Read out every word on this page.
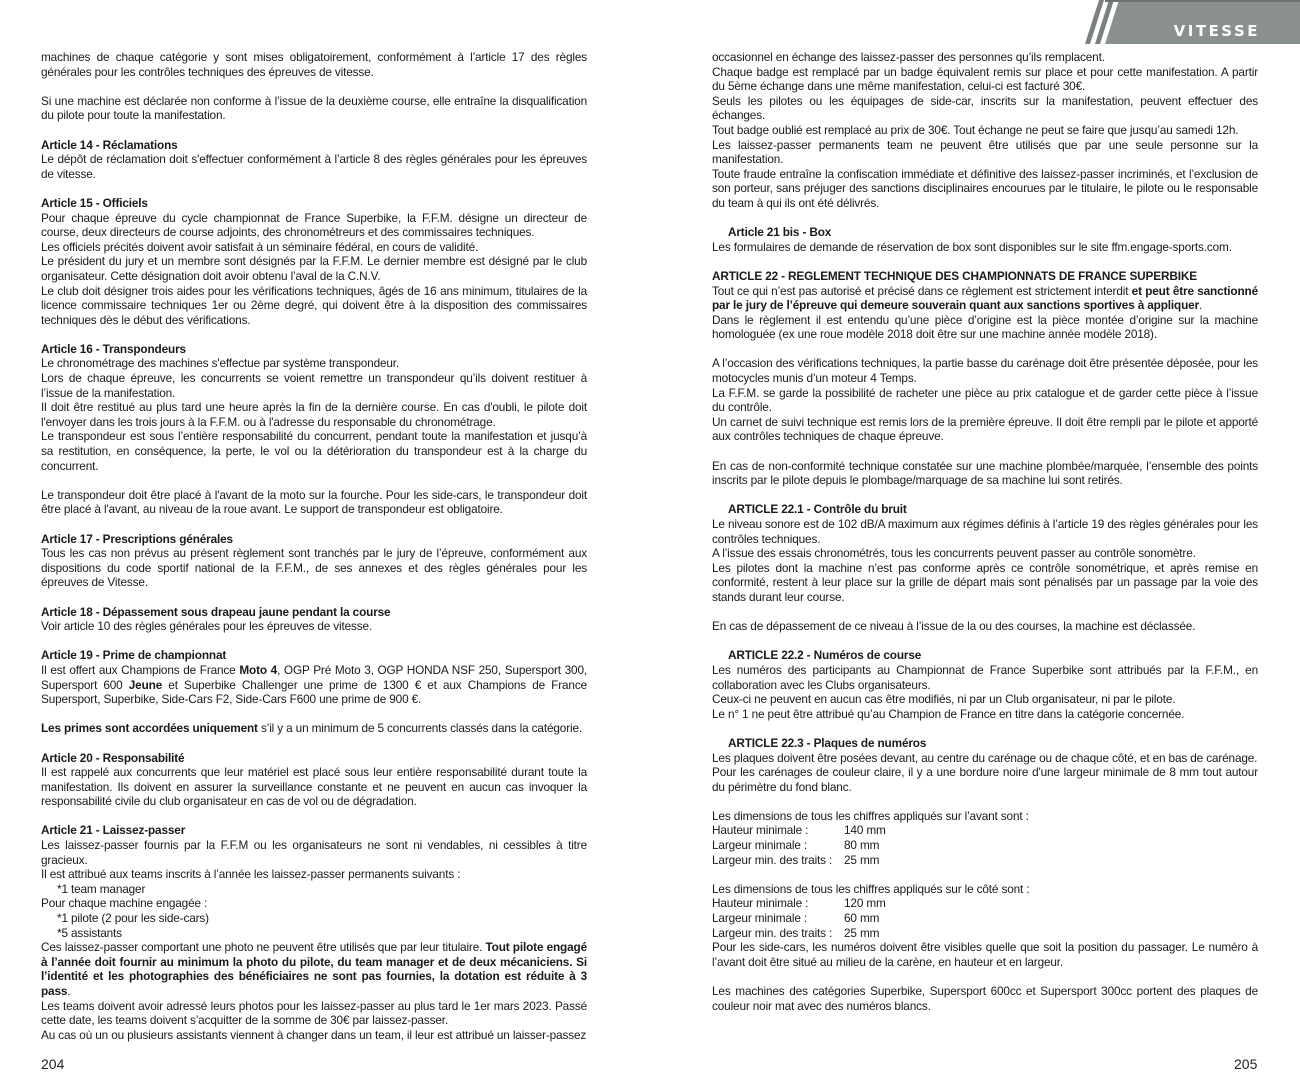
VITESSE

machines de chaque catégorie y sont mises obligatoirement, conformément à l’article 17 des règles générales pour les contrôles techniques des épreuves de vitesse.

Si une machine est déclarée non conforme à l’issue de la deuxième course, elle entraîne la disqualification du pilote pour toute la manifestation.

Article 14 - Réclamations
Le dépôt de réclamation doit s'effectuer conformément à l’article 8 des règles générales pour les épreuves de vitesse.

Article 15 - Officiels
Pour chaque épreuve du cycle championnat de France Superbike, la F.F.M. désigne un directeur de course, deux directeurs de course adjoints, des chronométreurs et des commissaires techniques.
Les officiels précités doivent avoir satisfait à un séminaire fédéral, en cours de validité.
Le président du jury et un membre sont désignés par la F.F.M. Le dernier membre est désigné par le club organisateur. Cette désignation doit avoir obtenu l’aval de la C.N.V.
Le club doit désigner trois aides pour les vérifications techniques, âgés de 16 ans minimum, titulaires de la licence commissaire techniques 1er ou 2ème degré, qui doivent être à la disposition des commissaires techniques dès le début des vérifications.

Article 16 - Transpondeurs
Le chronométrage des machines s'effectue par système transpondeur.
Lors de chaque épreuve, les concurrents se voient remettre un transpondeur qu’ils doivent restituer à l’issue de la manifestation.
Il doit être restitué au plus tard une heure après la fin de la dernière course. En cas d'oubli, le pilote doit l'envoyer dans les trois jours à la F.F.M. ou à l'adresse du responsable du chronométrage.
Le transpondeur est sous l’entière responsabilité du concurrent, pendant toute la manifestation et jusqu’à sa restitution, en conséquence, la perte, le vol ou la détérioration du transpondeur est à la charge du concurrent.

Le transpondeur doit être placé à l'avant de la moto sur la fourche. Pour les side-cars, le transpondeur doit être placé à l'avant, au niveau de la roue avant. Le support de transpondeur est obligatoire.

Article 17 - Prescriptions générales
Tous les cas non prévus au présent règlement sont tranchés par le jury de l’épreuve, conformément aux dispositions du code sportif national de la F.F.M., de ses annexes et des règles générales pour les épreuves de Vitesse.

Article 18 - Dépassement sous drapeau jaune pendant la course
Voir article 10 des règles générales pour les épreuves de vitesse.

Article 19 - Prime de championnat
Il est offert aux Champions de France Moto 4, OGP Pré Moto 3, OGP HONDA NSF 250, Supersport 300, Supersport 600 Jeune et Superbike Challenger une prime de 1300 € et aux Champions de France Supersport, Superbike, Side-Cars F2, Side-Cars F600 une prime de 900 €.

Les primes sont accordées uniquement s’il y a un minimum de 5 concurrents classés dans la catégorie.

Article 20 - Responsabilité
Il est rappelé aux concurrents que leur matériel est placé sous leur entière responsabilité durant toute la manifestation. Ils doivent en assurer la surveillance constante et ne peuvent en aucun cas invoquer la responsabilité civile du club organisateur en cas de vol ou de dégradation.

Article 21 - Laissez-passer
Les laissez-passer fournis par la F.F.M ou les organisateurs ne sont ni vendables, ni cessibles à titre gracieux.
Il est attribué aux teams inscrits à l’année les laissez-passer permanents suivants :
*1 team manager
Pour chaque machine engagée :
*1 pilote (2 pour les side-cars)
*5 assistants
Ces laissez-passer comportant une photo ne peuvent être utilisés que par leur titulaire. Tout pilote engagé à l’année doit fournir au minimum la photo du pilote, du team manager et de deux mécaniciens. Si l’identité et les photographies des bénéficiaires ne sont pas fournies, la dotation est réduite à 3 pass.
Les teams doivent avoir adressé leurs photos pour les laissez-passer au plus tard le 1er mars 2023. Passé cette date, les teams doivent s’acquitter de la somme de 30€ par laissez-passer.
Au cas où un ou plusieurs assistants viennent à changer dans un team, il leur est attribué un laisser-passez

occasionnel en échange des laissez-passer des personnes qu’ils remplacent.
Chaque badge est remplacé par un badge équivalent remis sur place et pour cette manifestation. A partir du 5ème échange dans une même manifestation, celui-ci est facturé 30€.
Seuls les pilotes ou les équipages de side-car, inscrits sur la manifestation, peuvent effectuer des échanges.
Tout badge oublié est remplacé au prix de 30€. Tout échange ne peut se faire que jusqu’au samedi 12h.
Les laissez-passer permanents team ne peuvent être utilisés que par une seule personne sur la manifestation.
Toute fraude entraîne la confiscation immédiate et définitive des laissez-passer incriminés, et l’exclusion de son porteur, sans préjuger des sanctions disciplinaires encourues par le titulaire, le pilote ou le responsable du team à qui ils ont été délivrés.

Article 21 bis - Box
Les formulaires de demande de réservation de box sont disponibles sur le site ffm.engage-sports.com.

ARTICLE 22 - REGLEMENT TECHNIQUE DES CHAMPIONNATS DE FRANCE SUPERBIKE
Tout ce qui n’est pas autorisé et précisé dans ce règlement est strictement interdit et peut être sanctionné par le jury de l’épreuve qui demeure souverain quant aux sanctions sportives à appliquer.
Dans le règlement il est entendu qu’une pièce d’origine est la pièce montée d’origine sur la machine homologuée (ex une roue modèle 2018 doit être sur une machine année modèle 2018).

A l’occasion des vérifications techniques, la partie basse du carénage doit être présentée déposée, pour les motocycles munis d’un moteur 4 Temps.
La F.F.M. se garde la possibilité de racheter une pièce au prix catalogue et de garder cette pièce à l’issue du contrôle.
Un carnet de suivi technique est remis lors de la première épreuve. Il doit être rempli par le pilote et apporté aux contrôles techniques de chaque épreuve.

En cas de non-conformité technique constatée sur une machine plombée/marquée, l’ensemble des points inscrits par le pilote depuis le plombage/marquage de sa machine lui sont retirés.

ARTICLE 22.1 - Contrôle du bruit
Le niveau sonore est de 102 dB/A maximum aux régimes définis à l’article 19 des règles générales pour les contrôles techniques.
A l’issue des essais chronométrés, tous les concurrents peuvent passer au contrôle sonomètre.
Les pilotes dont la machine n’est pas conforme après ce contrôle sonométrique, et après remise en conformité, restent à leur place sur la grille de départ mais sont pénalisés par un passage par la voie des stands durant leur course.

En cas de dépassement de ce niveau à l’issue de la ou des courses, la machine est déclassée.

ARTICLE 22.2 - Numéros de course
Les numéros des participants au Championnat de France Superbike sont attribués par la F.F.M., en collaboration avec les Clubs organisateurs.
Ceux-ci ne peuvent en aucun cas être modifiés, ni par un Club organisateur, ni par le pilote.
Le n° 1 ne peut être attribué qu’au Champion de France en titre dans la catégorie concernée.

ARTICLE 22.3 - Plaques de numéros
Les plaques doivent être posées devant, au centre du carénage ou de chaque côté, et en bas de carénage.
Pour les carénages de couleur claire, il y a une bordure noire d'une largeur minimale de 8 mm tout autour du périmètre du fond blanc.

Les dimensions de tous les chiffres appliqués sur l’avant sont :
Hauteur minimale :	140 mm
Largeur minimale :	80 mm
Largeur min. des traits :	25 mm

Les dimensions de tous les chiffres appliqués sur le côté sont :
Hauteur minimale :	120 mm
Largeur minimale :	60 mm
Largeur min. des traits :	25 mm
Pour les side-cars, les numéros doivent être visibles quelle que soit la position du passager. Le numéro à l’avant doit être situé au milieu de la carène, en hauteur et en largeur.

Les machines des catégories Superbike, Supersport 600cc et Supersport 300cc portent des plaques de couleur noir mat avec des numéros blancs.

204	205
